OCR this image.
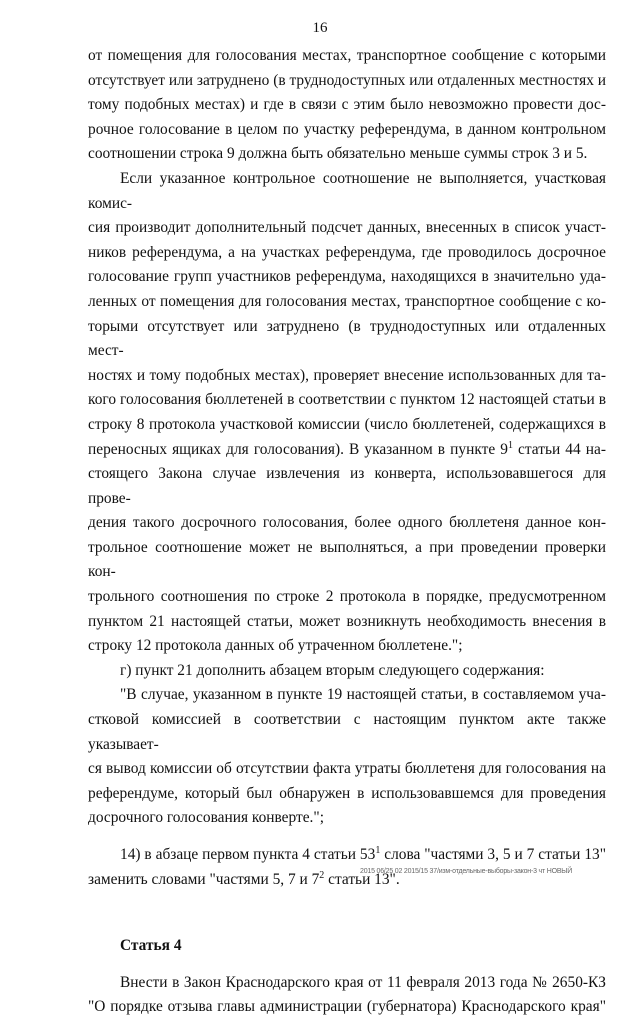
16

от помещения для голосования местах, транспортное сообщение с которыми

отсутствует или затруднено (в труднодоступных или отдаленных местностях и

тому подобных местах) и где в связи с этим было невозможно провести дос-

рочное голосование в целом по участку референдума, в данном контрольном

соотношении строка 9 должна быть обязательно меньше суммы строк 3 и 5.

Если указанное контрольное соотношение не выполняется, участковая комис-

сия производит дополнительный подсчет данных, внесенных в список участ-

ников референдума, а на участках референдума, где проводилось досрочное

голосование групп участников референдума, находящихся в значительно уда-

ленных от помещения для голосования местах, транспортное сообщение с ко-

торыми отсутствует или затруднено (в труднодоступных или отдаленных мест-

ностях и тому подобных местах), проверяет внесение использованных для та-

кого голосования бюллетеней в соответствии с пунктом 12 настоящей статьи в

строку 8 протокола участковой комиссии (число бюллетеней, содержащихся в

переносных ящиках для голосования). В указанном в пункте $9^1$ статьи 44 на-

стоящего Закона случае извлечения из конверта, использовавшегося для прове-

дения такого досрочного голосования, более одного бюллетеня данное кон-

трольное соотношение может не выполняться, а при проведении проверки кон-

трольного соотношения по строке 2 протокола в порядке, предусмотренном

пунктом 21 настоящей статьи, может возникнуть необходимость внесения в

строку 12 протокола данных об утраченном бюллетене.";

г) пункт 21 дополнить абзацем вторым следующего содержания:

"В случае, указанном в пункте 19 настоящей статьи, в составляемом уча-

стковой комиссией в соответствии с настоящим пунктом акте также указывает-

ся вывод комиссии об отсутствии факта утраты бюллетеня для голосования на

референдуме, который был обнаружен в использовавшемся для проведения

досрочного голосования конверте.";

14) в абзаце первом пункта 4 статьи $53^1$ слова "частями 3, 5 и 7 статьи 13"

заменить словами "частями 5, 7 и $7^2$ статьи 13".

Статья 4

Внести в Закон Краснодарского края от 11 февраля 2013 года № 2650-КЗ

"О порядке отзыва главы администрации (губернатора) Краснодарского края"

2015 06/25 02 2015/15 37/изм-отдельные-выборы-закон-3 чт НОВЫЙ
